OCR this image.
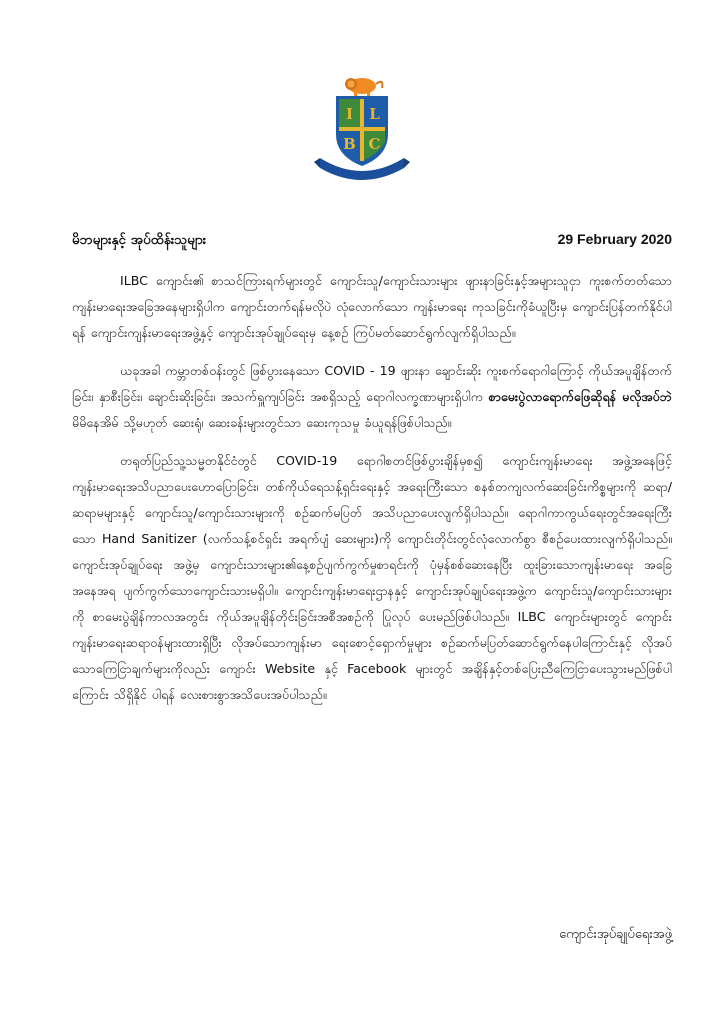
I L
B C
မိဘများနှင့် အုပ်ထိန်းသူများ	29 February 2020

ILBC ကျောင်း၏ စာသင်ကြားရက်များတွင် ကျောင်းသူ/ကျောင်းသားများ ဖျားနာခြင်းနှင့်အများသူငှာ ကူးစက်တတ်သော ကျန်းမာရေးအခြေအနေများရှိပါက ကျောင်းတက်ရန်မလိုပဲ လုံလောက်သော ကျန်းမာရေး ကုသခြင်းကိုခံယူပြီးမှ ကျောင်းပြန်တက်နိုင်ပါရန် ကျောင်းကျန်းမာရေးအဖွဲ့နှင့် ကျောင်းအုပ်ချုပ်ရေးမှ နေ့စဉ် ကြပ်မတ်ဆောင်ရွက်လျက်ရှိပါသည်။

ယခုအခါ ကမ္ဘာတစ်ဝန်းတွင် ဖြစ်ပွားနေသော COVID - 19 ဖျားနာ ချောင်းဆိုး ကူးစက်ရောဂါကြောင့် ကိုယ်အပူချိန်တက်ခြင်း၊ နှာစီးခြင်း၊ ချောင်းဆိုးခြင်း၊ အသက်ရှူကျပ်ခြင်း အစရှိသည့် ရောဂါလက္ခဏာများရှိပါက စာမေးပွဲလာရောက်ဖြေဆိုရန် မလိုအပ်ဘဲ မိမိနေအိမ် သို့မဟုတ် ဆေးရုံ၊ ဆေးခန်းများတွင်သာ ဆေးကုသမှု ခံယူရန်ဖြစ်ပါသည်။

တရုတ်ပြည်သူ့သမ္မတနိုင်ငံတွင် COVID-19 ရောဂါစတင်ဖြစ်ပွားချိန်မှစ၍ ကျောင်းကျန်းမာရေး အဖွဲ့အနေဖြင့် ကျန်းမာရေးအသိပညာပေးဟောပြောခြင်း၊ တစ်ကိုယ်ရေသန့်ရှင်းရေးနှင့် အရေးကြီးသော စနစ်တကျလက်ဆေးခြင်းကိစ္စများကို ဆရာ/ဆရာမများနှင့် ကျောင်းသူ/ကျောင်းသားများကို စဉ်ဆက်မပြတ် အသိပညာပေးလျက်ရှိပါသည်။ ရောဂါကာကွယ်ရေးတွင်အရေးကြီးသော Hand Sanitizer (လက်သန့်စင်ရှင်း အရက်ပျံ ဆေးများ)ကို ကျောင်းတိုင်းတွင်လုံလောက်စွာ စီစဉ်ပေးထားလျက်ရှိပါသည်။ ကျောင်းအုပ်ချုပ်ရေး အဖွဲ့မှ ကျောင်းသားများ၏နေ့စဉ်ပျက်ကွက်မှုစာရင်းကို ပုံမှန်စစ်ဆေးနေပြီး ထူးခြားသောကျန်းမာရေး အခြေ အနေအရ ပျက်ကွက်သောကျောင်းသားမရှိပါ။ ကျောင်းကျန်းမာရေးဌာနနှင့် ကျောင်းအုပ်ချုပ်ရေးအဖွဲ့က ကျောင်းသူ/ကျောင်းသားများကို စာမေးပွဲချိန်ကာလအတွင်း ကိုယ်အပူချိန်တိုင်းခြင်းအစီအစဉ်ကို ပြုလုပ် ပေးမည်ဖြစ်ပါသည်။ ILBC ကျောင်းများတွင် ကျောင်းကျန်းမာရေးဆရာဝန်များထားရှိပြီး လိုအပ်သောကျန်းမာ ရေးစောင့်ရှောက်မှုများ စဉ်ဆက်မပြတ်ဆောင်ရွက်နေပါကြောင်းနှင့် လိုအပ်သောကြေငြာချက်များကိုလည်း ကျောင်း Website နှင့် Facebook များတွင် အချိန်နှင့်တစ်ပြေးညီကြေငြာပေးသွားမည်ဖြစ်ပါကြောင်း သိရှိနိုင် ပါရန် လေးစားစွာအသိပေးအပ်ပါသည်။

ကျောင်းအုပ်ချုပ်ရေးအဖွဲ့
